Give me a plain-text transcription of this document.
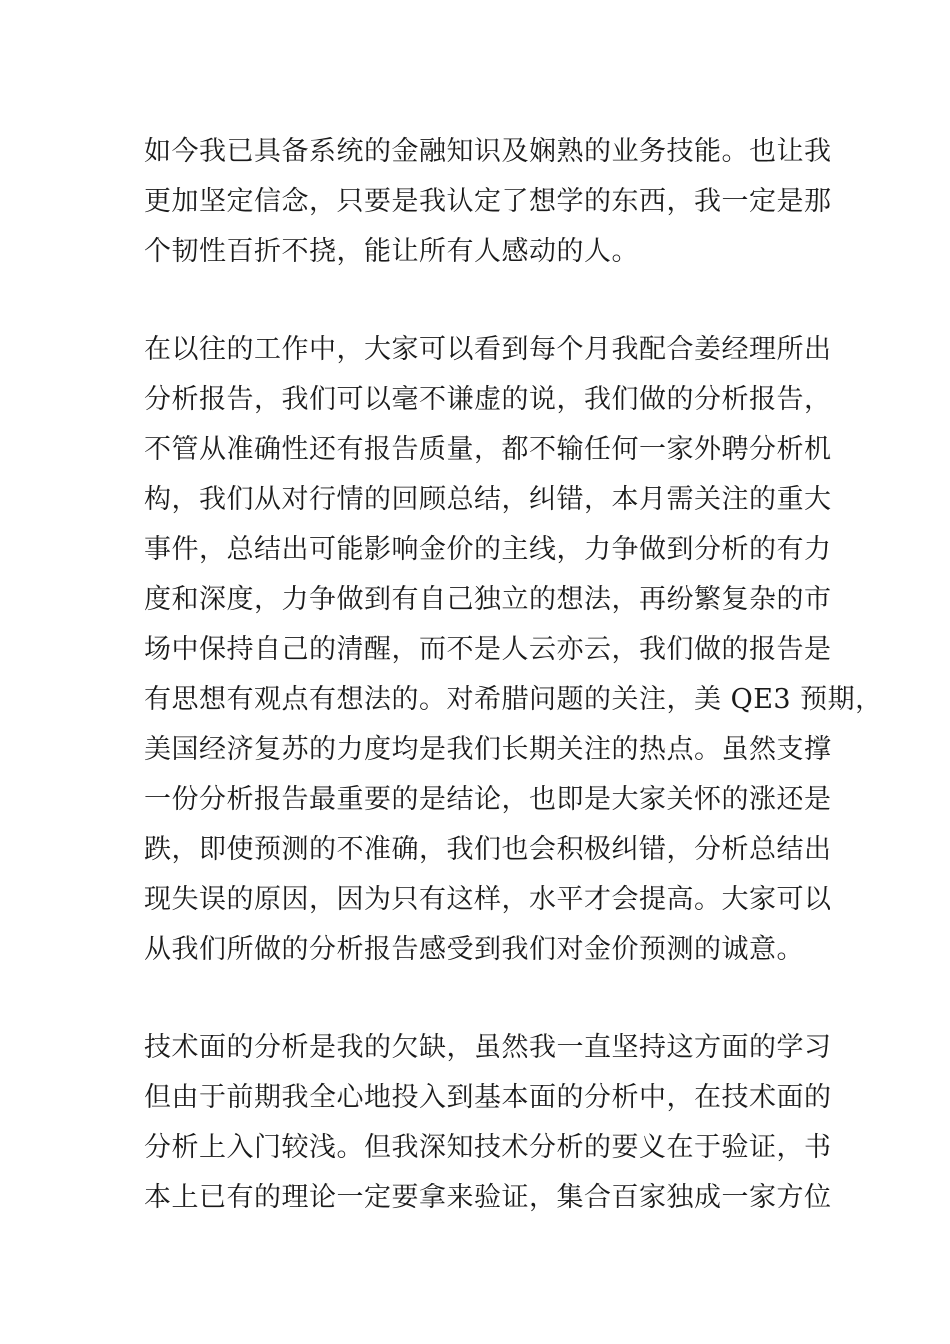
如今我已具备系统的金融知识及娴熟的业务技能。也让我
更加坚定信念，只要是我认定了想学的东西，我一定是那
个韧性百折不挠，能让所有人感动的人。
在以往的工作中，大家可以看到每个月我配合姜经理所出
分析报告，我们可以毫不谦虚的说，我们做的分析报告，
不管从准确性还有报告质量，都不输任何一家外聘分析机
构，我们从对行情的回顾总结，纠错，本月需关注的重大
事件，总结出可能影响金价的主线，力争做到分析的有力
度和深度，力争做到有自己独立的想法，再纷繁复杂的市
场中保持自己的清醒，而不是人云亦云，我们做的报告是
有思想有观点有想法的。对希腊问题的关注，美 QE3 预期，
美国经济复苏的力度均是我们长期关注的热点。虽然支撑
一份分析报告最重要的是结论，也即是大家关怀的涨还是
跌，即使预测的不准确，我们也会积极纠错，分析总结出
现失误的原因，因为只有这样，水平才会提高。大家可以
从我们所做的分析报告感受到我们对金价预测的诚意。
技术面的分析是我的欠缺，虽然我一直坚持这方面的学习
但由于前期我全心地投入到基本面的分析中，在技术面的
分析上入门较浅。但我深知技术分析的要义在于验证，书
本上已有的理论一定要拿来验证，集合百家独成一家方位
